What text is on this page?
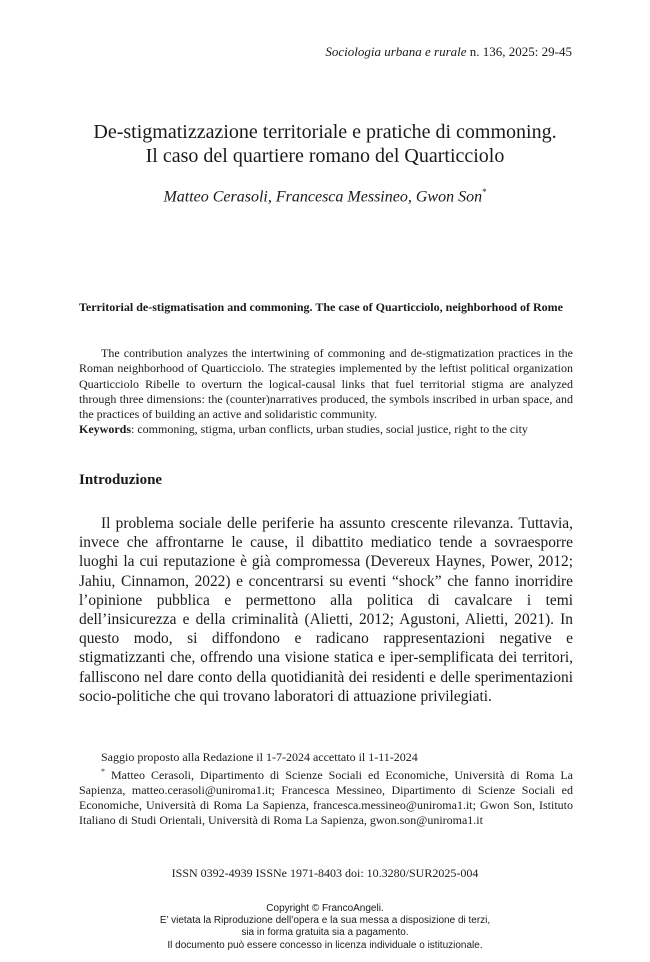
Sociologia urbana e rurale n. 136, 2025: 29-45
De-stigmatizzazione territoriale e pratiche di commoning.
Il caso del quartiere romano del Quarticciolo
Matteo Cerasoli, Francesca Messineo, Gwon Son*
Territorial de-stigmatisation and commoning. The case of Quarticciolo, neighborhood of Rome

The contribution analyzes the intertwining of commoning and de-stigmatization practices in the Roman neighborhood of Quarticciolo. The strategies implemented by the leftist political organization Quarticciolo Ribelle to overturn the logical-causal links that fuel territorial stigma are analyzed through three dimensions: the (counter)narratives produced, the symbols inscribed in urban space, and the practices of building an active and solidaristic community.

Keywords: commoning, stigma, urban conflicts, urban studies, social justice, right to the city
Introduzione

Il problema sociale delle periferie ha assunto crescente rilevanza. Tuttavia, invece che affrontarne le cause, il dibattito mediatico tende a sovraesporre luoghi la cui reputazione è già compromessa (Devereux Haynes, Power, 2012; Jahiu, Cinnamon, 2022) e concentrarsi su eventi “shock” che fanno inorridire l’opinione pubblica e permettono alla politica di cavalcare i temi dell’insicurezza e della criminalità (Alietti, 2012; Agustoni, Alietti, 2021). In questo modo, si diffondono e radicano rappresentazioni negative e stigmatizzanti che, offrendo una visione statica e iper-semplificata dei territori, falliscono nel dare conto della quotidianità dei residenti e delle sperimentazioni socio-politiche che qui trovano laboratori di attuazione privilegiati.

Saggio proposto alla Redazione il 1-7-2024 accettato il 1-11-2024

* Matteo Cerasoli, Dipartimento di Scienze Sociali ed Economiche, Università di Roma La Sapienza, matteo.cerasoli@uniroma1.it; Francesca Messineo, Dipartimento di Scienze Sociali ed Economiche, Università di Roma La Sapienza, francesca.messineo@uniroma1.it; Gwon Son, Istituto Italiano di Studi Orientali, Università di Roma La Sapienza, gwon.son@uniroma1.it

ISSN 0392-4939 ISSNe 1971-8403 doi: 10.3280/SUR2025-004
Copyright © FrancoAngeli.
E’ vietata la Riproduzione dell’opera e la sua messa a disposizione di terzi,
sia in forma gratuita sia a pagamento.
Il documento può essere concesso in licenza individuale o istituzionale.
